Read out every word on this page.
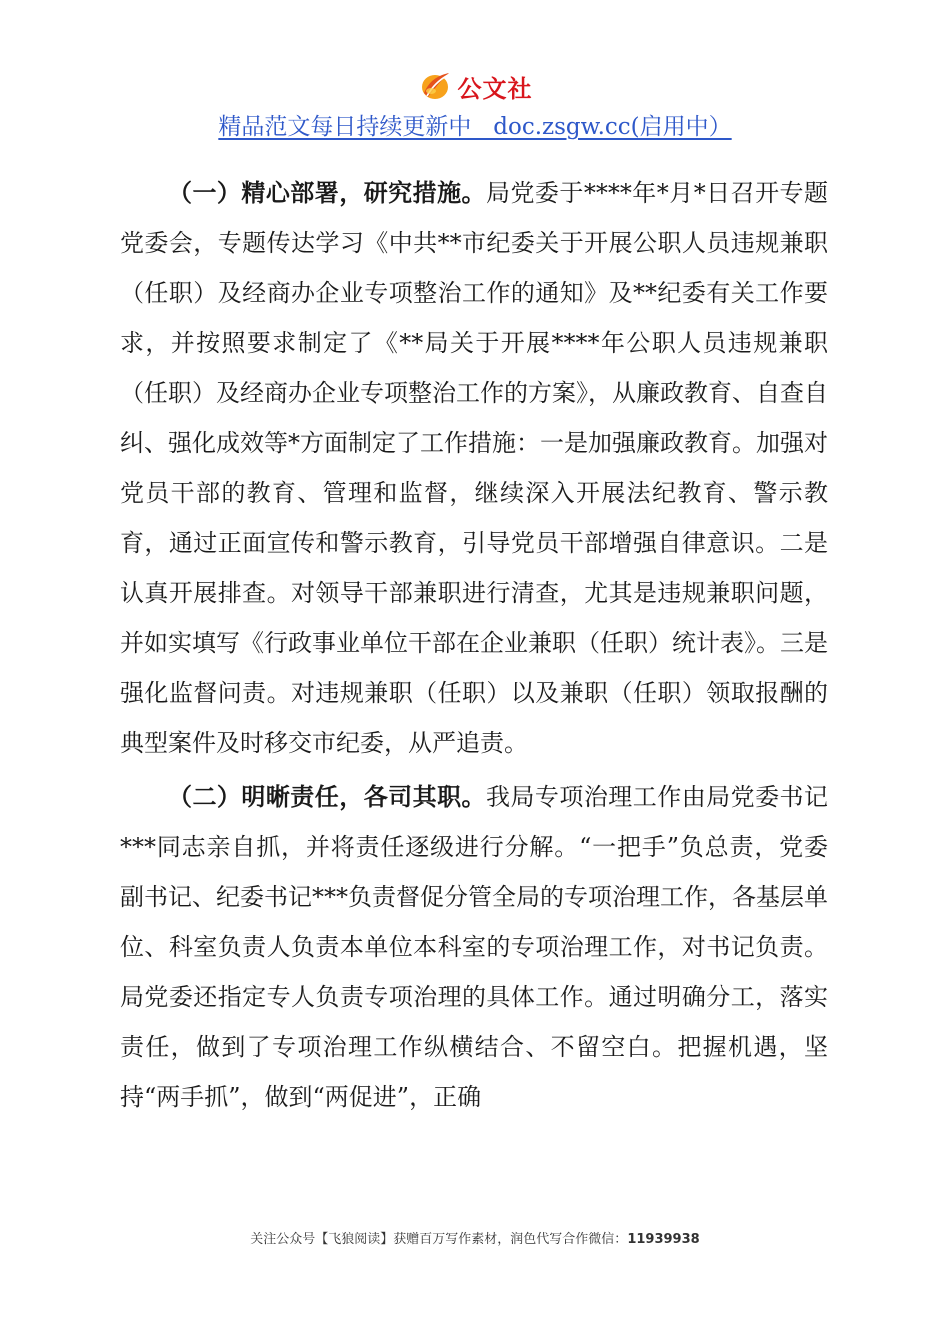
公文社
精品范文每日持续更新中   doc.zsgw.cc(启用中）

（一）精心部署，研究措施。局党委于****年*月*日召开专题党委会，专题传达学习《中共**市纪委关于开展公职人员违规兼职（任职）及经商办企业专项整治工作的通知》及**纪委有关工作要求，并按照要求制定了《**局关于开展****年公职人员违规兼职（任职）及经商办企业专项整治工作的方案》，从廉政教育、自查自纠、强化成效等*方面制定了工作措施：一是加强廉政教育。加强对党员干部的教育、管理和监督，继续深入开展法纪教育、警示教育，通过正面宣传和警示教育，引导党员干部增强自律意识。二是认真开展排查。对领导干部兼职进行清查，尤其是违规兼职问题，并如实填写《行政事业单位干部在企业兼职（任职）统计表》。三是强化监督问责。对违规兼职（任职）以及兼职（任职）领取报酬的典型案件及时移交市纪委，从严追责。

（二）明晰责任，各司其职。我局专项治理工作由局党委书记***同志亲自抓，并将责任逐级进行分解。“一把手”负总责，党委副书记、纪委书记***负责督促分管全局的专项治理工作，各基层单位、科室负责人负责本单位本科室的专项治理工作，对书记负责。局党委还指定专人负责专项治理的具体工作。通过明确分工，落实责任，做到了专项治理工作纵横结合、不留空白。把握机遇，坚持“两手抓”，做到“两促进”，正确

关注公众号【飞狼阅读】获赠百万写作素材，润色代写合作微信：11939938
